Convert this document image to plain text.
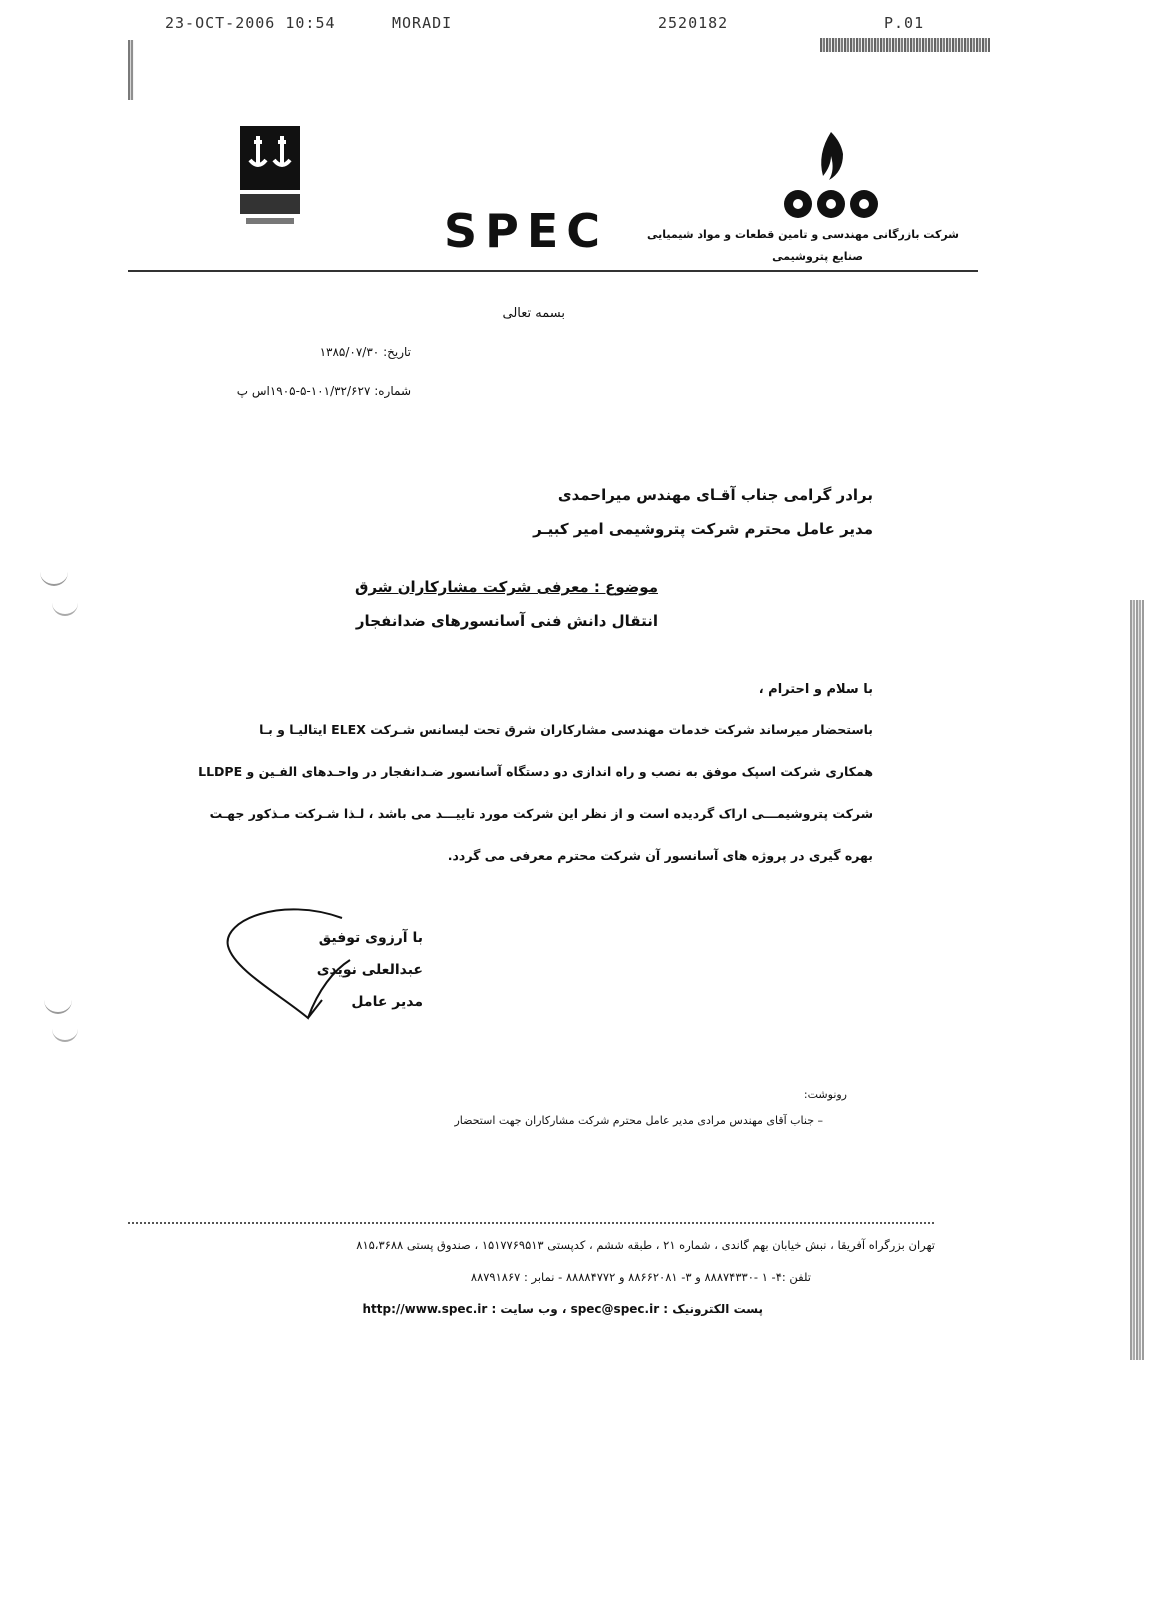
23-OCT-2006 10:54	MORADI	2520182	P.01
SPEC	شرکت بازرگانی مهندسی و تامین قطعات و مواد شیمیایی
صنایع پتروشیمی
بسمه تعالی
تاریخ: ۱۳۸۵/۰۷/۳۰
شماره: ۱۰۱/۳۲/۶۲۷-۵-۱۹۰۵اس پ
برادر گرامی جناب آقـای مهندس میراحمدی
مدیر عامل محترم شرکت پتروشیمی امیر کبیـر
موضوع : معرفی شرکت مشارکاران شرق
انتقال دانش فنی آسانسورهای ضدانفجار
با سلام و احترام ،
باستحضار میرساند شرکت خدمات مهندسی مشارکاران شرق تحت لیسانس شـرکت ELEX ایتالیـا و بـا
همکاری شرکت اسپک موفق به نصب و راه اندازی دو دستگاه آسانسور ضـدانفجار در واحـدهای الفـین و LLDPE
شرکت پتروشیمـــی اراک گردیده است و از نظر این شرکت مورد تاییـــد می باشد ، لـذا شـرکت مـذکور جهـت
بهره گیری در پروژه های آسانسور آن شرکت محترم معرفی می گردد.
با آرزوی توفیق
عبدالعلی نویدی
مدیر عامل
رونوشت:
– جناب آقای مهندس مرادی مدیر عامل محترم شرکت مشارکاران جهت استحضار
تهران بزرگراه آفریقا ، نبش خیابان بهم گاندی ، شماره ۲۱ ، طبقه ششم ، کدپستی ۱۵۱۷۷۶۹۵۱۳ ، صندوق پستی ۸۱۵،۳۶۸۸
تلفن :۴- ۱ -۸۸۸۷۴۳۳۰ و ۳- ۸۸۶۶۲۰۸۱ و ۸۸۸۸۴۷۷۲ - نمابر : ۸۸۷۹۱۸۶۷
پست الکترونیک : spec@spec.ir ، وب سایت : http://www.spec.ir
